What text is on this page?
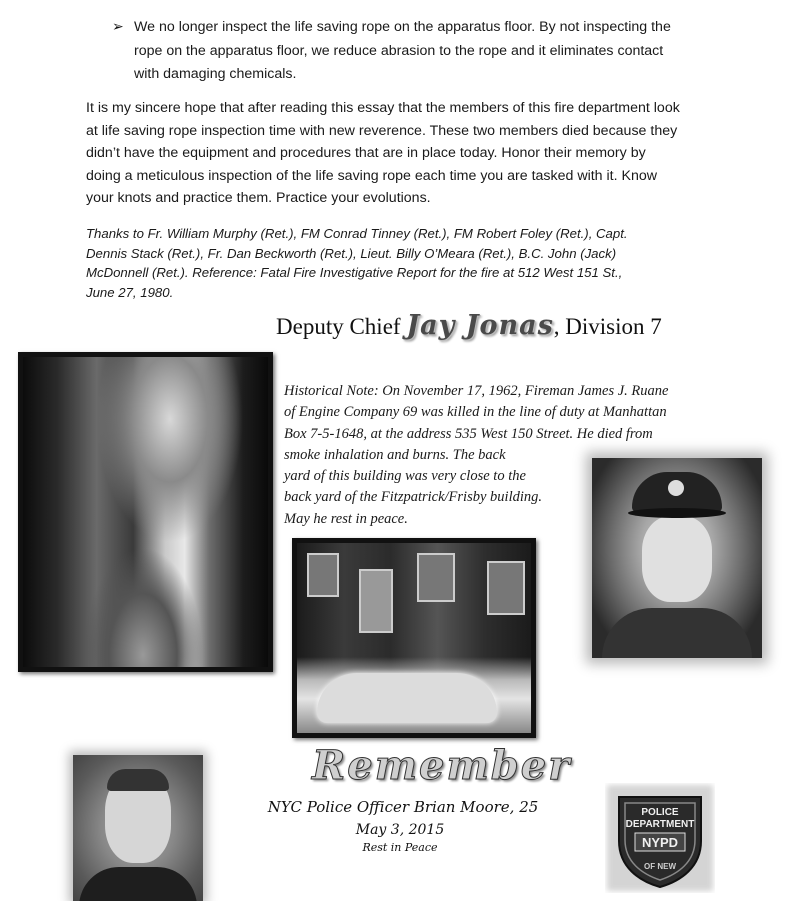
➢ We no longer inspect the life saving rope on the apparatus floor. By not inspecting the
rope on the apparatus floor, we reduce abrasion to the rope and it eliminates contact
with damaging chemicals.
It is my sincere hope that after reading this essay that the members of this fire department look
at life saving rope inspection time with new reverence. These two members died because they
didn’t have the equipment and procedures that are in place today. Honor their memory by
doing a meticulous inspection of the life saving rope each time you are tasked with it. Know
your knots and practice them. Practice your evolutions.
Thanks to Fr. William Murphy (Ret.), FM Conrad Tinney (Ret.), FM Robert Foley (Ret.), Capt.
Dennis Stack (Ret.), Fr. Dan Beckworth (Ret.), Lieut. Billy O’Meara (Ret.), B.C. John (Jack)
McDonnell (Ret.). Reference: Fatal Fire Investigative Report for the fire at 512 West 151 St.,
June 27, 1980.
Deputy Chief Jay Jonas, Division 7
Historical Note: On November 17, 1962, Fireman James J. Ruane
of Engine Company 69 was killed in the line of duty at Manhattan
Box 7-5-1648, at the address 535 West 150 Street. He died from
smoke inhalation and burns. The back
yard of this building was very close to the
back yard of the Fitzpatrick/Frisby building.
May he rest in peace.
Remember
NYC Police Officer Brian Moore, 25
May 3, 2015
Rest in Peace
POLICE
DEPARTMENT
NYPD
OF NEW
